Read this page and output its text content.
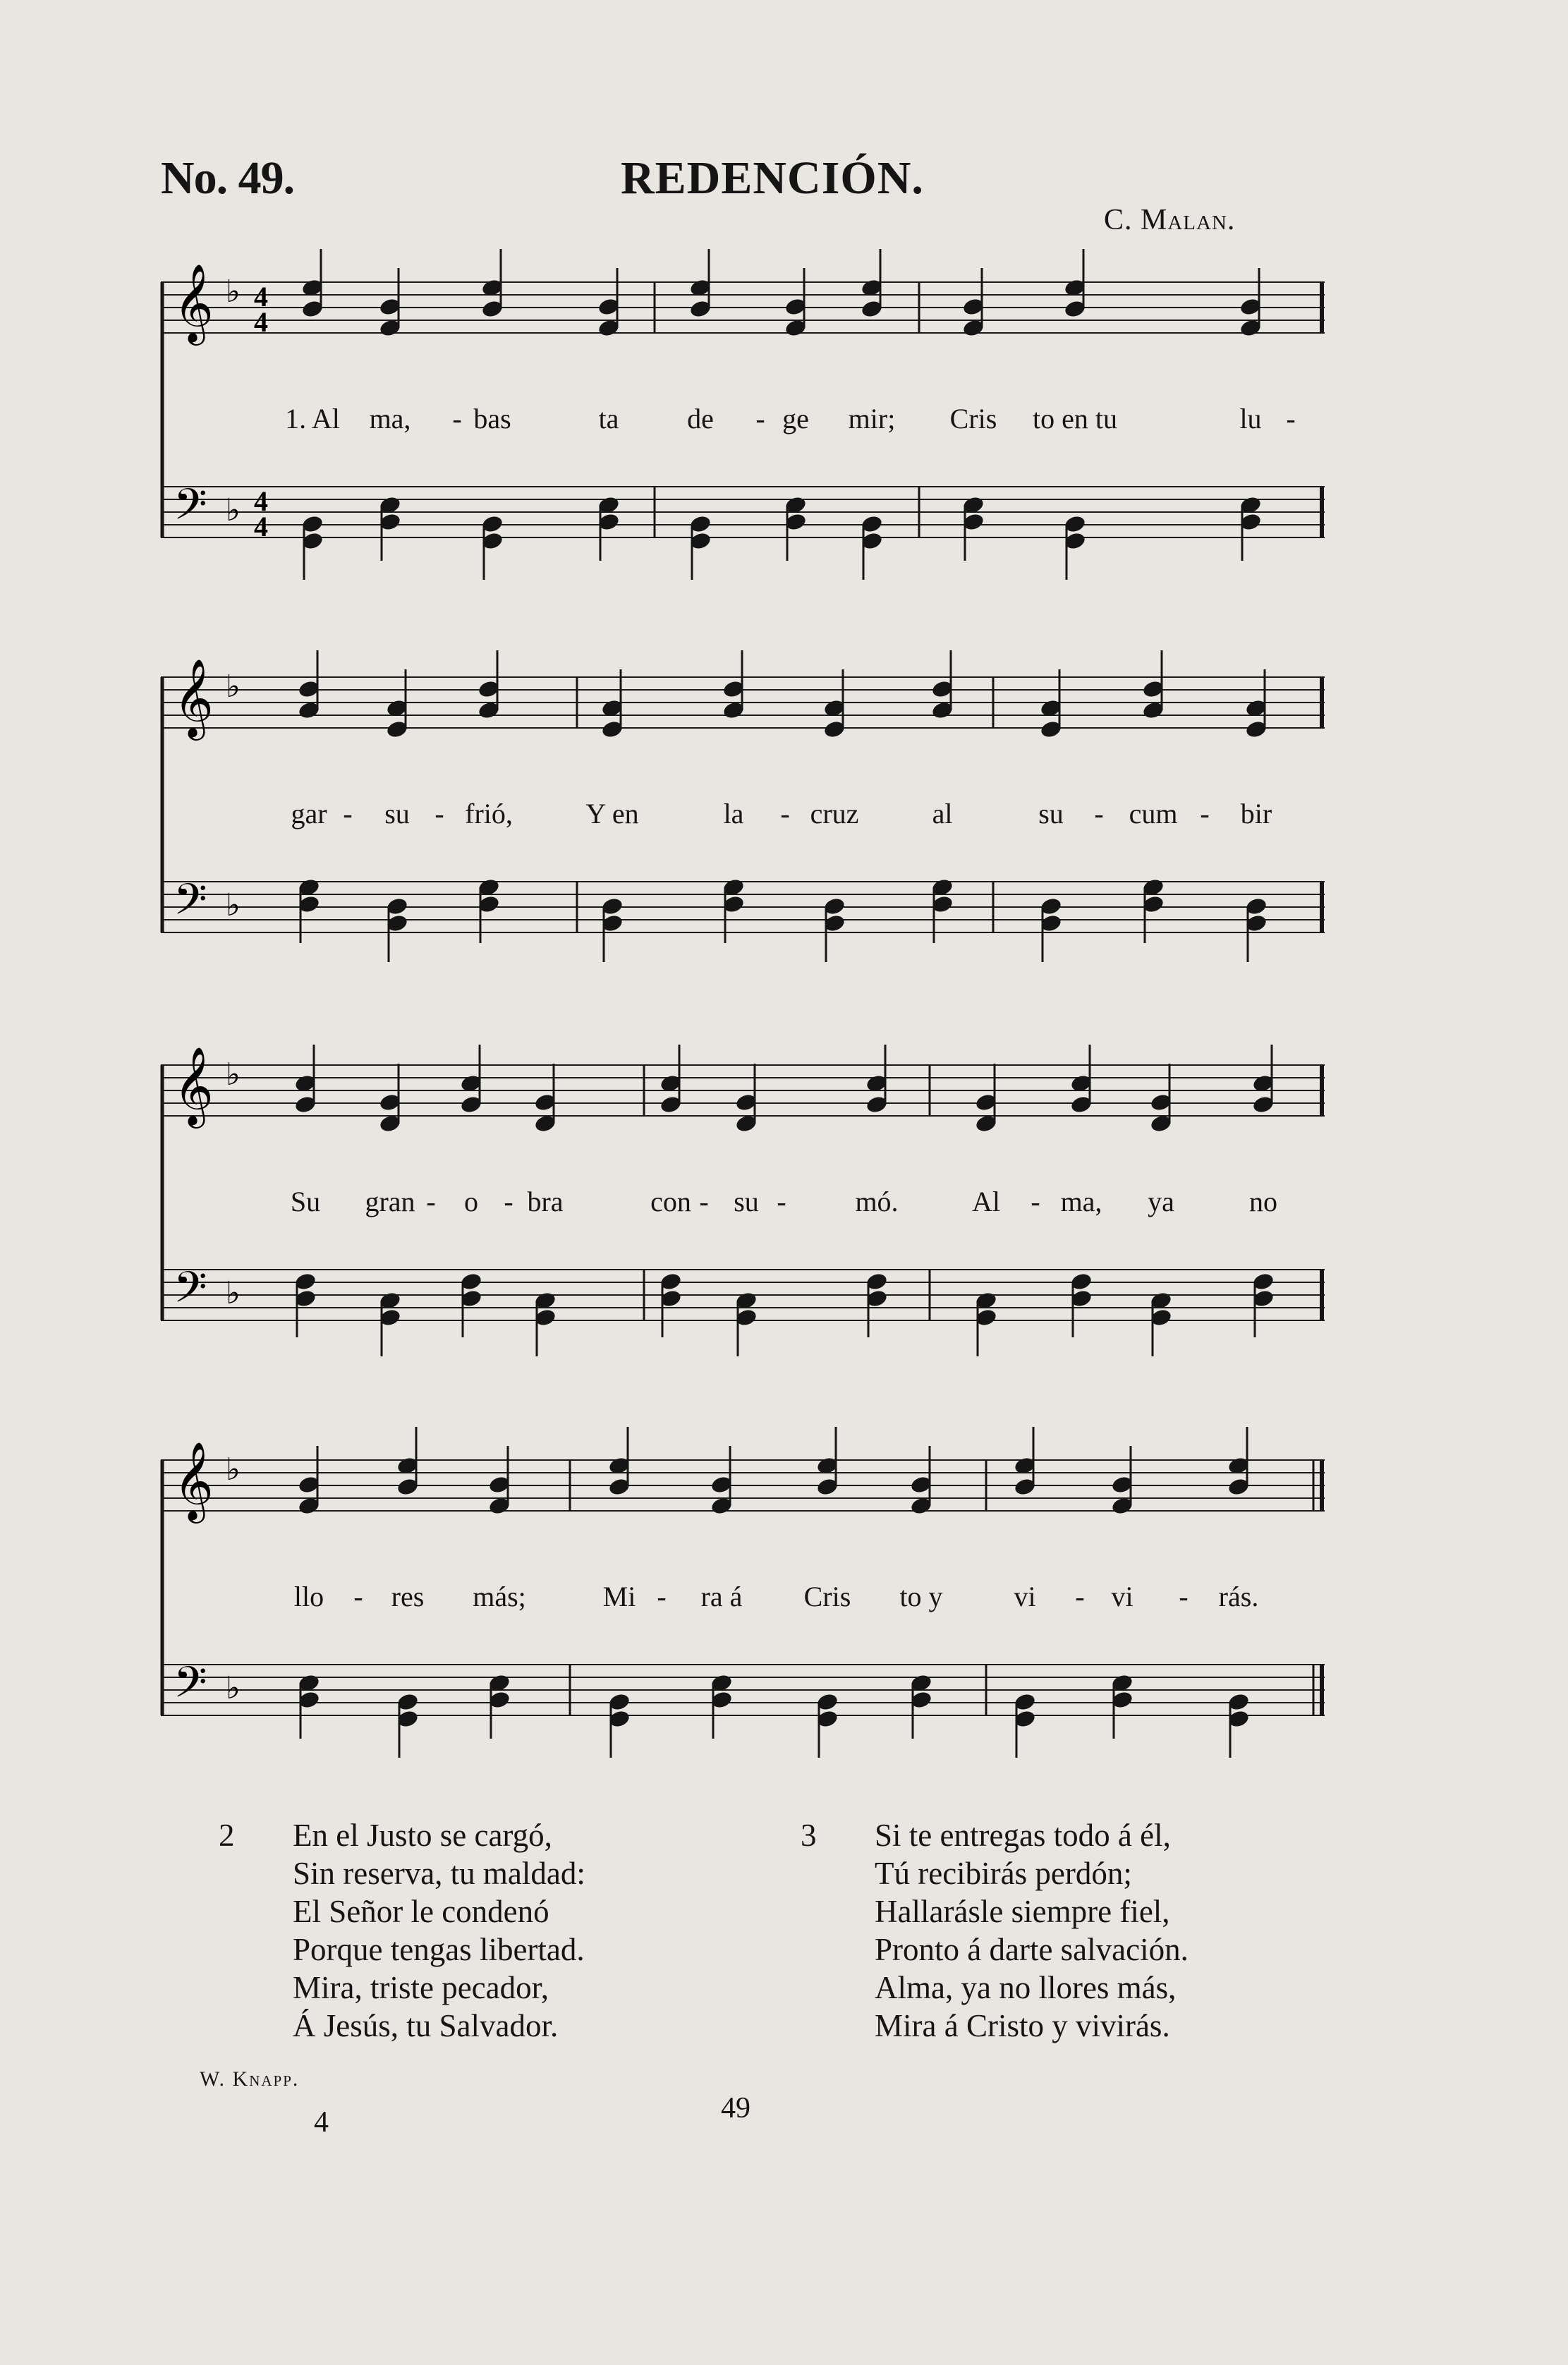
No. 49.	REDENCIÓN.
C. Malan.
𝄞 ♭ 4
4
𝄢 ♭ 4
4
1. Al ma, bas	ta de ge mir; Cris to en tu	lu
-	-	-
𝄞 ♭
𝄢 ♭
gar su frió,	Y en	la cruz	al	su cum bir
-	-	-	-	-
𝄞 ♭
𝄢 ♭
Su gran o bra	con su	mó.	Al ma, ya	no
- -	- -	-
𝄞 ♭
𝄢 ♭
llo res más;	Mi ra á Cris to y	vi	vi	rás.
-	-	-	-
2	En el Justo se cargó,
Sin reserva, tu maldad:
El Señor le condenó
Porque tengas libertad.
Mira, triste pecador,
Á Jesús, tu Salvador.
3	Si te entregas todo á él,
Tú recibirás perdón;
Hallarásle siempre fiel,
Pronto á darte salvación.
Alma, ya no llores más,
Mira á Cristo y vivirás.
W. Knapp.
4	49
